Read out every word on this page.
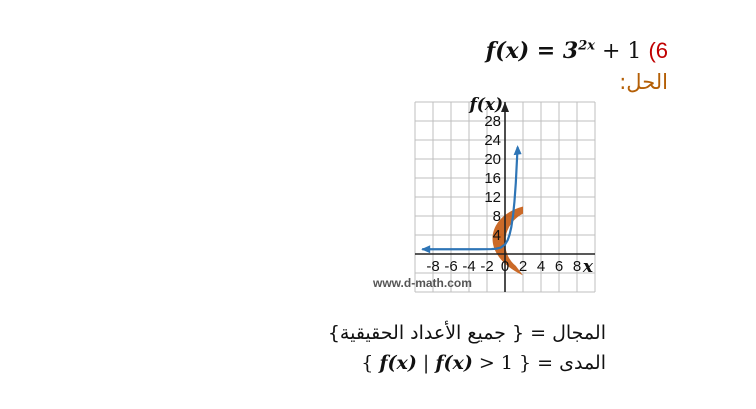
$f(x) = 3^{2x} + 1$ (6
الحل:
-8 -6 -4 -2 0 2 4 6 8
4
8
12
16
20
24
28
f(x)
x
www.d-math.com
المجال = { جميع الأعداد الحقيقية}
المدى = { f(x) | f(x) > 1 }
